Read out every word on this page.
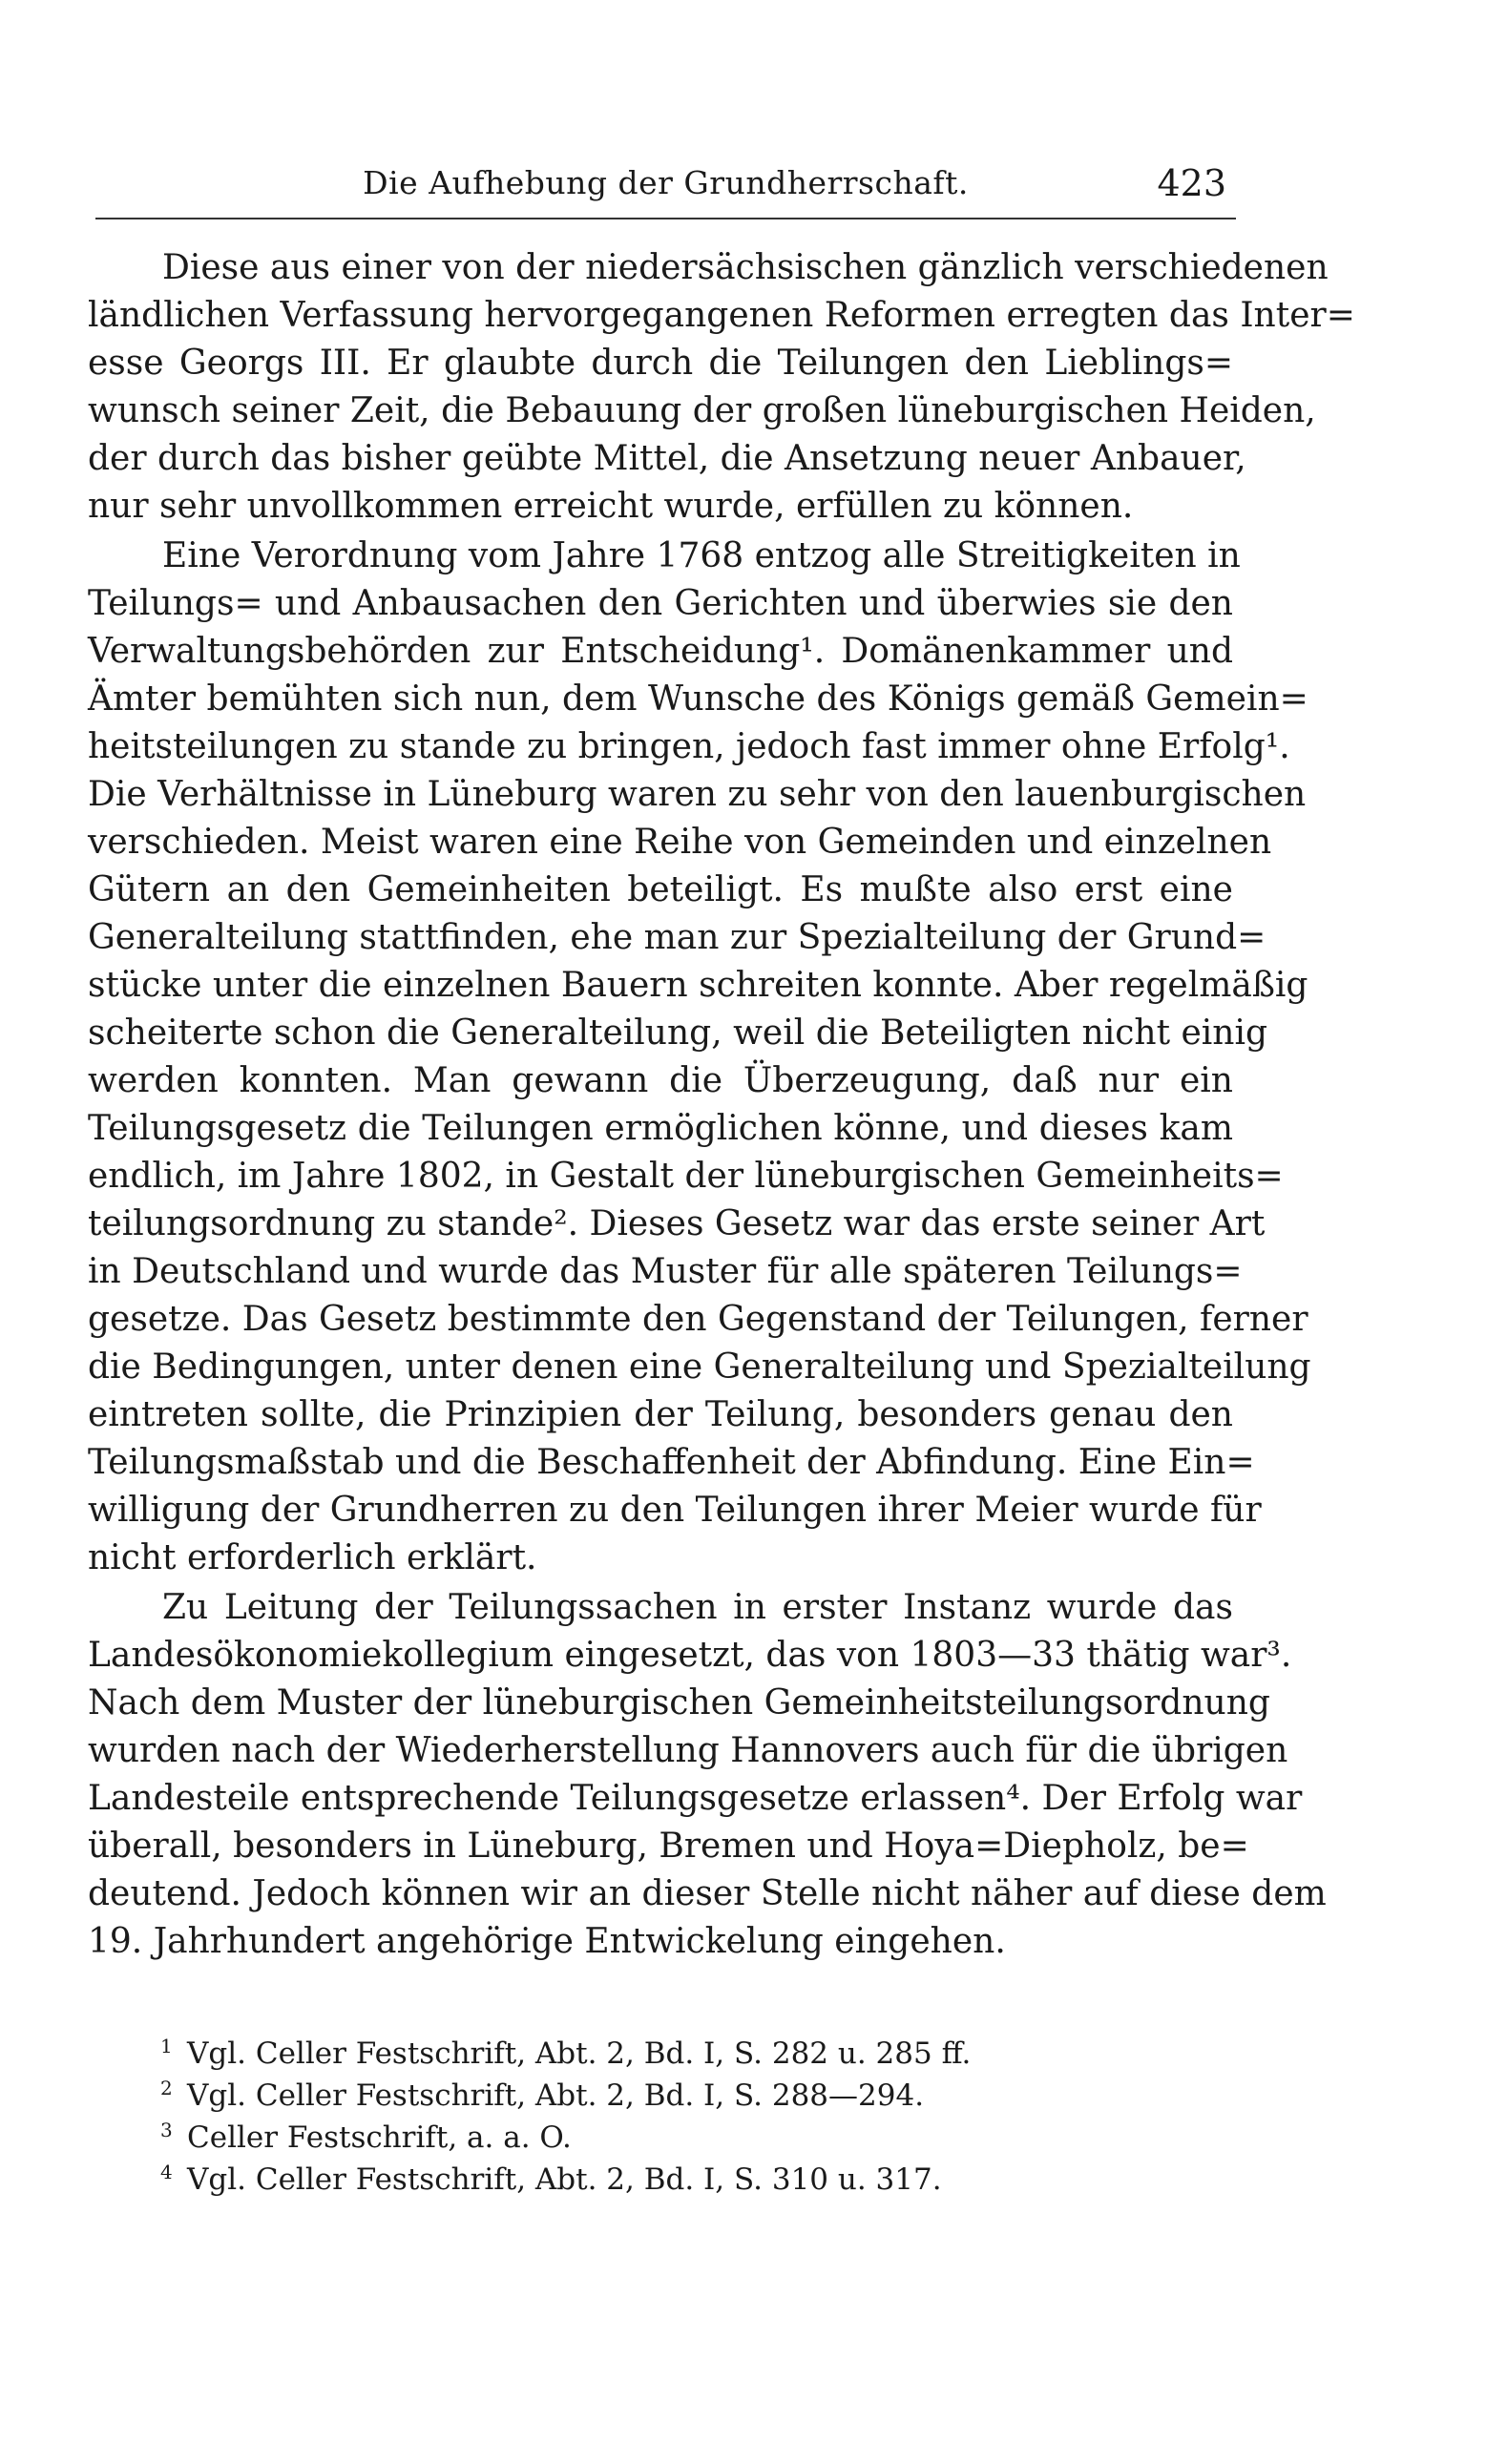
Die Aufhebung der Grundherrschaft.	423
Diese aus einer von der niedersächsischen gänzlich verschiedenen
ländlichen Verfassung hervorgegangenen Reformen erregten das Inter=
esse Georgs III. Er glaubte durch die Teilungen den Lieblings=
wunsch seiner Zeit, die Bebauung der großen lüneburgischen Heiden,
der durch das bisher geübte Mittel, die Ansetzung neuer Anbauer,
nur sehr unvollkommen erreicht wurde, erfüllen zu können.
Eine Verordnung vom Jahre 1768 entzog alle Streitigkeiten in
Teilungs= und Anbausachen den Gerichten und überwies sie den
Verwaltungsbehörden zur Entscheidung¹. Domänenkammer und
Ämter bemühten sich nun, dem Wunsche des Königs gemäß Gemein=
heitsteilungen zu stande zu bringen, jedoch fast immer ohne Erfolg¹.
Die Verhältnisse in Lüneburg waren zu sehr von den lauenburgischen
verschieden. Meist waren eine Reihe von Gemeinden und einzelnen
Gütern an den Gemeinheiten beteiligt. Es mußte also erst eine
Generalteilung stattfinden, ehe man zur Spezialteilung der Grund=
stücke unter die einzelnen Bauern schreiten konnte. Aber regelmäßig
scheiterte schon die Generalteilung, weil die Beteiligten nicht einig
werden konnten. Man gewann die Überzeugung, daß nur ein
Teilungsgesetz die Teilungen ermöglichen könne, und dieses kam
endlich, im Jahre 1802, in Gestalt der lüneburgischen Gemeinheits=
teilungsordnung zu stande². Dieses Gesetz war das erste seiner Art
in Deutschland und wurde das Muster für alle späteren Teilungs=
gesetze. Das Gesetz bestimmte den Gegenstand der Teilungen, ferner
die Bedingungen, unter denen eine Generalteilung und Spezialteilung
eintreten sollte, die Prinzipien der Teilung, besonders genau den
Teilungsmaßstab und die Beschaffenheit der Abfindung. Eine Ein=
willigung der Grundherren zu den Teilungen ihrer Meier wurde für
nicht erforderlich erklärt.
Zu Leitung der Teilungssachen in erster Instanz wurde das
Landesökonomiekollegium eingesetzt, das von 1803—33 thätig war³.
Nach dem Muster der lüneburgischen Gemeinheitsteilungsordnung
wurden nach der Wiederherstellung Hannovers auch für die übrigen
Landesteile entsprechende Teilungsgesetze erlassen⁴. Der Erfolg war
überall, besonders in Lüneburg, Bremen und Hoya=Diepholz, be=
deutend. Jedoch können wir an dieser Stelle nicht näher auf diese dem
19. Jahrhundert angehörige Entwickelung eingehen.
1 Vgl. Celler Festschrift, Abt. 2, Bd. I, S. 282 u. 285 ff.
2 Vgl. Celler Festschrift, Abt. 2, Bd. I, S. 288—294.
3 Celler Festschrift, a. a. O.
4 Vgl. Celler Festschrift, Abt. 2, Bd. I, S. 310 u. 317.
